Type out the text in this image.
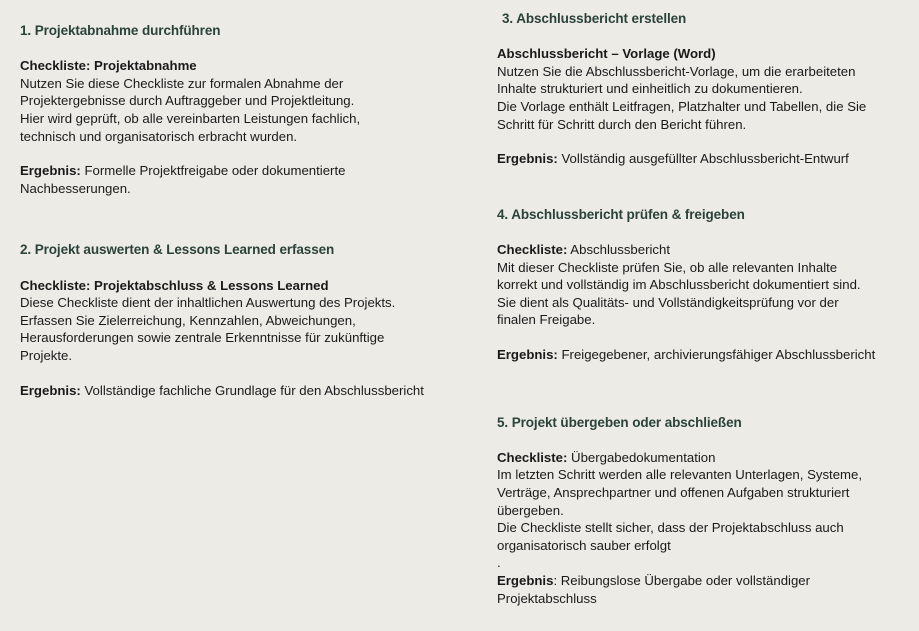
1. Projektabnahme durchführen

Checkliste: Projektabnahme

Nutzen Sie diese Checkliste zur formalen Abnahme der

Projektergebnisse durch Auftraggeber und Projektleitung.

Hier wird geprüft, ob alle vereinbarten Leistungen fachlich,

technisch und organisatorisch erbracht wurden.

Ergebnis: Formelle Projektfreigabe oder dokumentierte Nachbesserungen.

2. Projekt auswerten & Lessons Learned erfassen

Checkliste: Projektabschluss & Lessons Learned

Diese Checkliste dient der inhaltlichen Auswertung des Projekts.

Erfassen Sie Zielerreichung, Kennzahlen, Abweichungen,

Herausforderungen sowie zentrale Erkenntnisse für zukünftige

Projekte.

Ergebnis: Vollständige fachliche Grundlage für den Abschlussbericht

3. Abschlussbericht erstellen

Abschlussbericht – Vorlage (Word)

Nutzen Sie die Abschlussbericht-Vorlage, um die erarbeiteten

Inhalte strukturiert und einheitlich zu dokumentieren.

Die Vorlage enthält Leitfragen, Platzhalter und Tabellen, die Sie

Schritt für Schritt durch den Bericht führen.

Ergebnis: Vollständig ausgefüllter Abschlussbericht-Entwurf

4. Abschlussbericht prüfen & freigeben

Checkliste: Abschlussbericht

Mit dieser Checkliste prüfen Sie, ob alle relevanten Inhalte

korrekt und vollständig im Abschlussbericht dokumentiert sind.

Sie dient als Qualitäts- und Vollständigkeitsprüfung vor der

finalen Freigabe.

Ergebnis: Freigegebener, archivierungsfähiger Abschlussbericht

5. Projekt übergeben oder abschließen

Checkliste: Übergabedokumentation

Im letzten Schritt werden alle relevanten Unterlagen, Systeme,

Verträge, Ansprechpartner und offenen Aufgaben strukturiert

übergeben.

Die Checkliste stellt sicher, dass der Projektabschluss auch

organisatorisch sauber erfolgt

.

Ergebnis: Reibungslose Übergabe oder vollständiger Projektabschluss
